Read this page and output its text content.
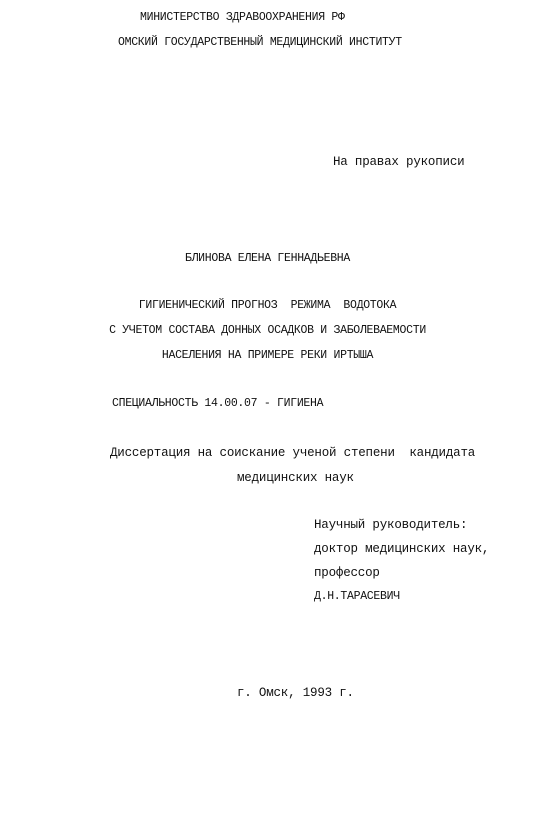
МИНИСТЕРСТВО ЗДРАВООХРАНЕНИЯ РФ
ОМСКИЙ ГОСУДАРСТВЕННЫЙ МЕДИЦИНСКИЙ ИНСТИТУТ
На правах рукописи
БЛИНОВА ЕЛЕНА ГЕННАДЬЕВНА
ГИГИЕНИЧЕСКИЙ ПРОГНОЗ  РЕЖИМА  ВОДОТОКА
С УЧЕТОМ СОСТАВА ДОННЫХ ОСАДКОВ И ЗАБОЛЕВАЕМОСТИ
НАСЕЛЕНИЯ НА ПРИМЕРЕ РЕКИ ИРТЫША
СПЕЦИАЛЬНОСТЬ 14.00.07 - ГИГИЕНА
Диссертация на соискание ученой степени  кандидата
медицинских наук
Научный руководитель:
доктор медицинских наук,
профессор
Д.Н.ТАРАСЕВИЧ
г. Омск, 1993 г.
